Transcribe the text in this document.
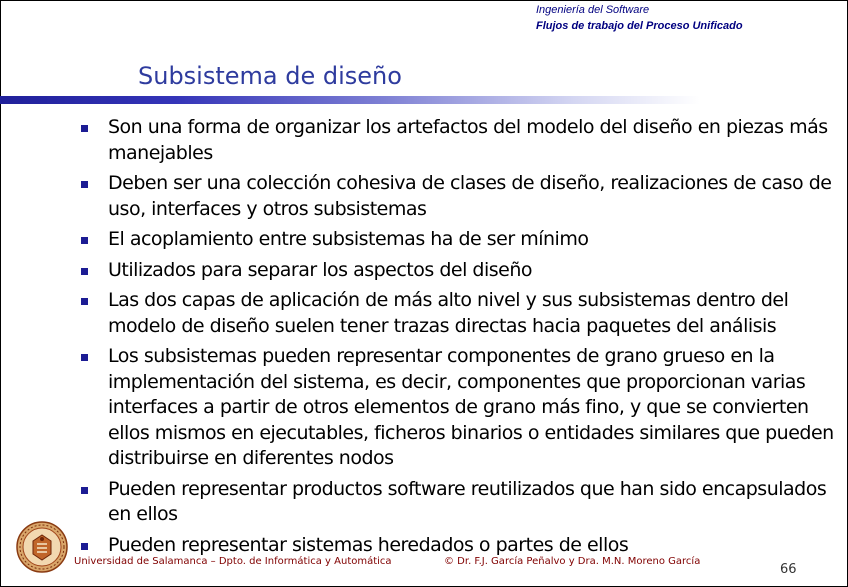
Ingeniería del Software
Flujos de trabajo del Proceso Unificado
Subsistema de diseño
Son una forma de organizar los artefactos del modelo del diseño en piezas más manejables
Deben ser una colección cohesiva de clases de diseño, realizaciones de caso de uso, interfaces y otros subsistemas
El acoplamiento entre subsistemas ha de ser mínimo
Utilizados para separar los aspectos del diseño
Las dos capas de aplicación de más alto nivel y sus subsistemas dentro del modelo de diseño suelen tener trazas directas hacia paquetes del análisis
Los subsistemas pueden representar componentes de grano grueso en la implementación del sistema, es decir, componentes que proporcionan varias interfaces a partir de otros elementos de grano más fino, y que se convierten ellos mismos en ejecutables, ficheros binarios o entidades similares que pueden distribuirse en diferentes nodos
Pueden representar productos software reutilizados que han sido encapsulados en ellos
Pueden representar sistemas heredados o partes de ellos
Universidad de Salamanca – Dpto. de Informática y Automática	© Dr. F.J. García Peñalvo y Dra. M.N. Moreno García
66
